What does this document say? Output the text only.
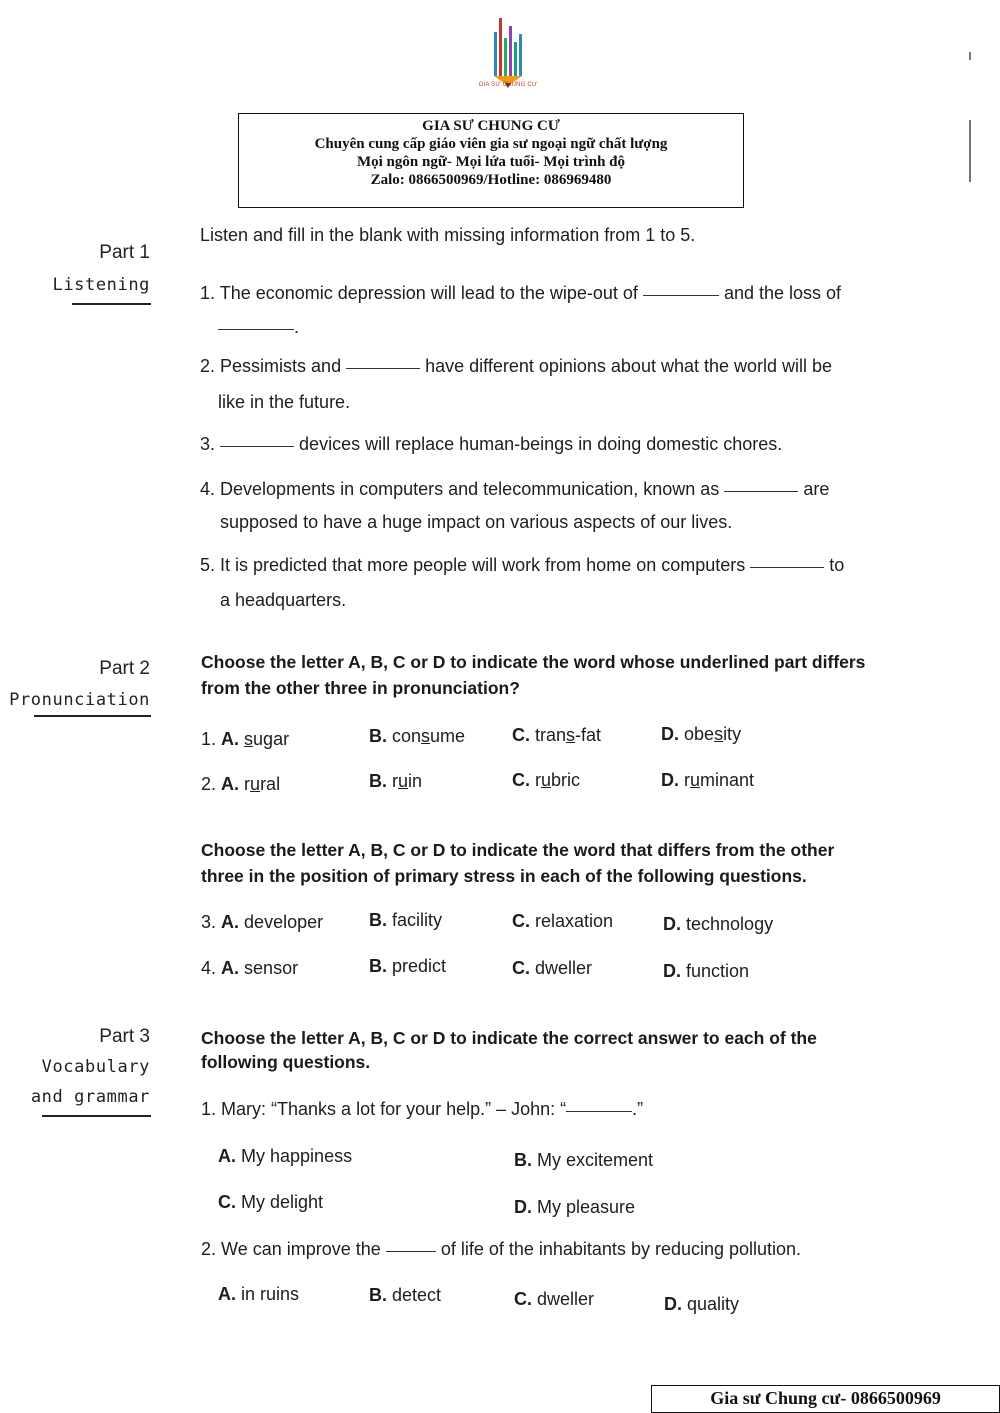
GIA SƯ CHUNG CƯ
GIA SƯ CHUNG CƯ
Chuyên cung cấp giáo viên gia sư ngoại ngữ chất lượng
Mọi ngôn ngữ- Mọi lứa tuổi- Mọi trình độ
Zalo: 0866500969/Hotline: 086969480
Part 1
Listening
Listen and fill in the blank with missing information from 1 to 5.
1. The economic depression will lead to the wipe-out of	and the loss of
.
2. Pessimists and	have different opinions about what the world will be
like in the future.
3.	devices will replace human-beings in doing domestic chores.
4. Developments in computers and telecommunication, known as	are
supposed to have a huge impact on various aspects of our lives.
5. It is predicted that more people will work from home on computers	to
a headquarters.
Part 2
Pronunciation
Choose the letter A, B, C or D to indicate the word whose underlined part differs
from the other three in pronunciation?
1. A. sugar	B. consume	C. trans-fat	D. obesity
2. A. rural	B. ruin	C. rubric	D. ruminant
Choose the letter A, B, C or D to indicate the word that differs from the other
three in the position of primary stress in each of the following questions.
3. A. developer	B. facility	C. relaxation	D. technology
4. A. sensor	B. predict	C. dweller	D. function
Part 3
Vocabulary
and grammar
Choose the letter A, B, C or D to indicate the correct answer to each of the
following questions.
1. Mary: “Thanks a lot for your help.” – John: “	.”
A. My happiness	B. My excitement
C. My delight	D. My pleasure
2. We can improve the	of life of the inhabitants by reducing pollution.
A. in ruins	B. detect	C. dweller	D. quality
Gia sư Chung cư- 0866500969
